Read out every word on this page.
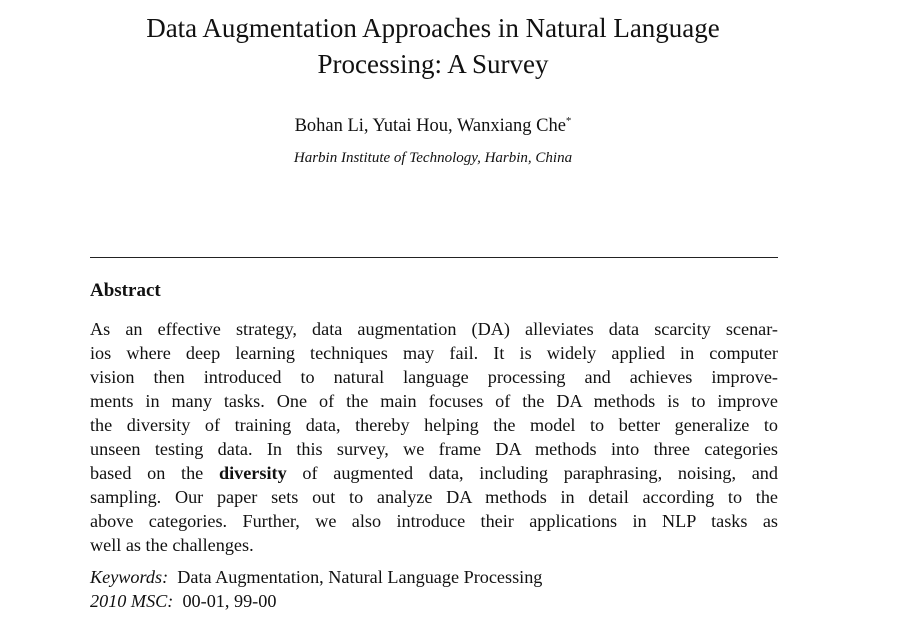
Data Augmentation Approaches in Natural Language
Processing: A Survey
Bohan Li, Yutai Hou, Wanxiang Che*
Harbin Institute of Technology, Harbin, China
Abstract
As an effective strategy, data augmentation (DA) alleviates data scarcity scenar-
ios where deep learning techniques may fail. It is widely applied in computer
vision then introduced to natural language processing and achieves improve-
ments in many tasks. One of the main focuses of the DA methods is to improve
the diversity of training data, thereby helping the model to better generalize to
unseen testing data. In this survey, we frame DA methods into three categories
based on the diversity of augmented data, including paraphrasing, noising, and
sampling. Our paper sets out to analyze DA methods in detail according to the
above categories. Further, we also introduce their applications in NLP tasks as
well as the challenges.
Keywords: Data Augmentation, Natural Language Processing
2010 MSC: 00-01, 99-00
